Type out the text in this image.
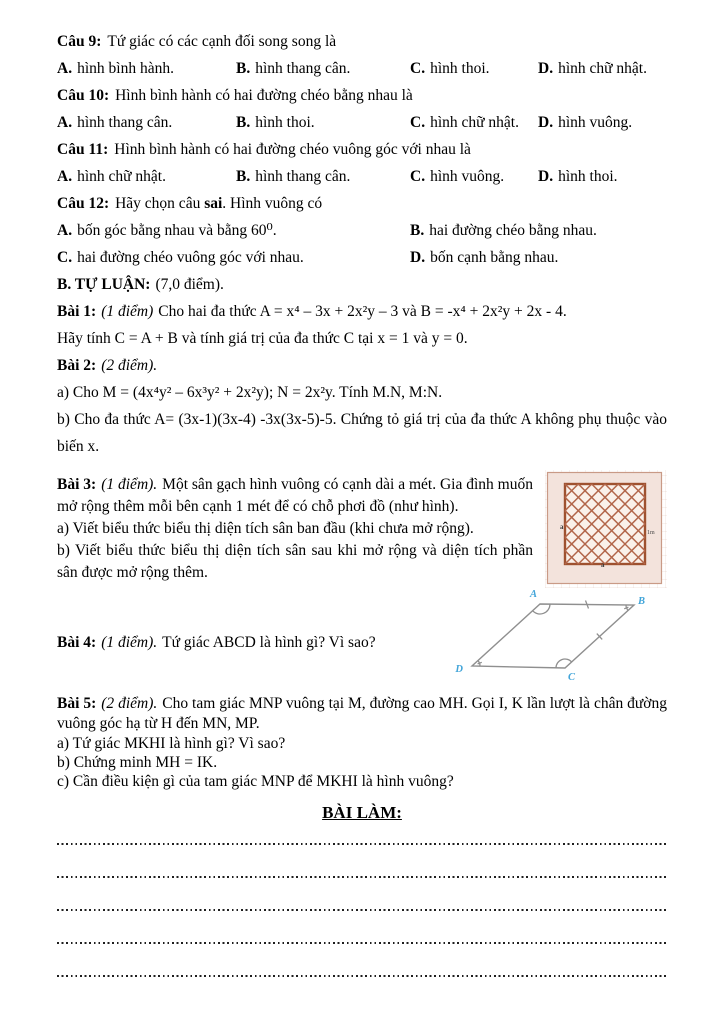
Câu 9: Tứ giác có các cạnh đối song song là
A. hình bình hành.	B. hình thang cân.	C. hình thoi.	D. hình chữ nhật.
Câu 10: Hình bình hành có hai đường chéo bằng nhau là
A. hình thang cân.	B. hình thoi.	C. hình chữ nhật.	D. hình vuông.
Câu 11: Hình bình hành có hai đường chéo vuông góc với nhau là
A. hình chữ nhật.	B. hình thang cân.	C. hình vuông.	D. hình thoi.
Câu 12: Hãy chọn câu sai. Hình vuông có
A. bốn góc bằng nhau và bằng 60⁰.	B. hai đường chéo bằng nhau.
C. hai đường chéo vuông góc với nhau.	D. bốn cạnh bằng nhau.
B. TỰ LUẬN: (7,0 điểm).
Bài 1: (1 điểm) Cho hai đa thức A = x⁴ – 3x + 2x²y – 3 và B = -x⁴ + 2x²y + 2x - 4.
Hãy tính C = A + B và tính giá trị của đa thức C tại x = 1 và y = 0.
Bài 2: (2 điểm).
a) Cho M = (4x⁴y² – 6x³y² + 2x²y); N = 2x²y. Tính M.N, M:N.
b) Cho đa thức A= (3x-1)(3x-4) -3x(3x-5)-5. Chứng tỏ giá trị của đa thức A không phụ thuộc vào biến x.
a
a
1m

Bài 3: (1 điểm). Một sân gạch hình vuông có cạnh dài a mét. Gia đình muốn mở rộng thêm mỗi bên cạnh 1 mét để có chỗ phơi đồ (như hình).

a) Viết biểu thức biểu thị diện tích sân ban đầu (khi chưa mở rộng).

b) Viết biểu thức biểu thị diện tích sân sau khi mở rộng và diện tích phần sân được mở rộng thêm.

Bài 4: (1 điểm). Tứ giác ABCD là hình gì? Vì sao?
A
B
C
D

Bài 5: (2 điểm). Cho tam giác MNP vuông tại M, đường cao MH. Gọi I, K lần lượt là chân đường vuông góc hạ từ H đến MN, MP.

a) Tứ giác MKHI là hình gì? Vì sao?
b) Chứng minh MH = IK.
c) Cần điều kiện gì của tam giác MNP để MKHI là hình vuông?
BÀI LÀM:
